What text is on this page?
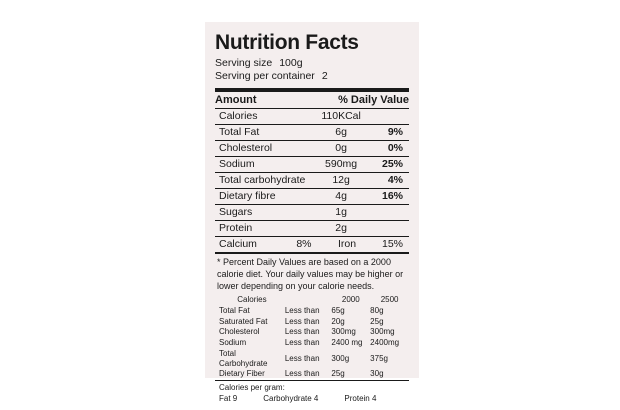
Nutrition Facts
Serving size 100g
Serving per container 2
Amount	% Daily Value
Calories	110KCal	
Total Fat	6g	9%
Cholesterol	0g	0%
Sodium	590mg	25%
Total carbohydrate	12g	4%
Dietary fibre	4g	16%
Sugars	1g	
Protein	2g	
Calcium	8%	Iron	15%
* Percent Daily Values are based on a 2000 calorie diet. Your daily values may be higher or lower depending on your calorie needs.
Calories		2000	2500
Total Fat	Less than	65g	80g
Saturated Fat	Less than	20g	25g
Cholesterol	Less than	300mg	300mg
Sodium	Less than	2400 mg	2400mg
Total Carbohydrate	Less than	300g	375g
Dietary Fiber	Less than	25g	30g
Calories per gram:
Fat 9	Carbohydrate 4	Protein 4
